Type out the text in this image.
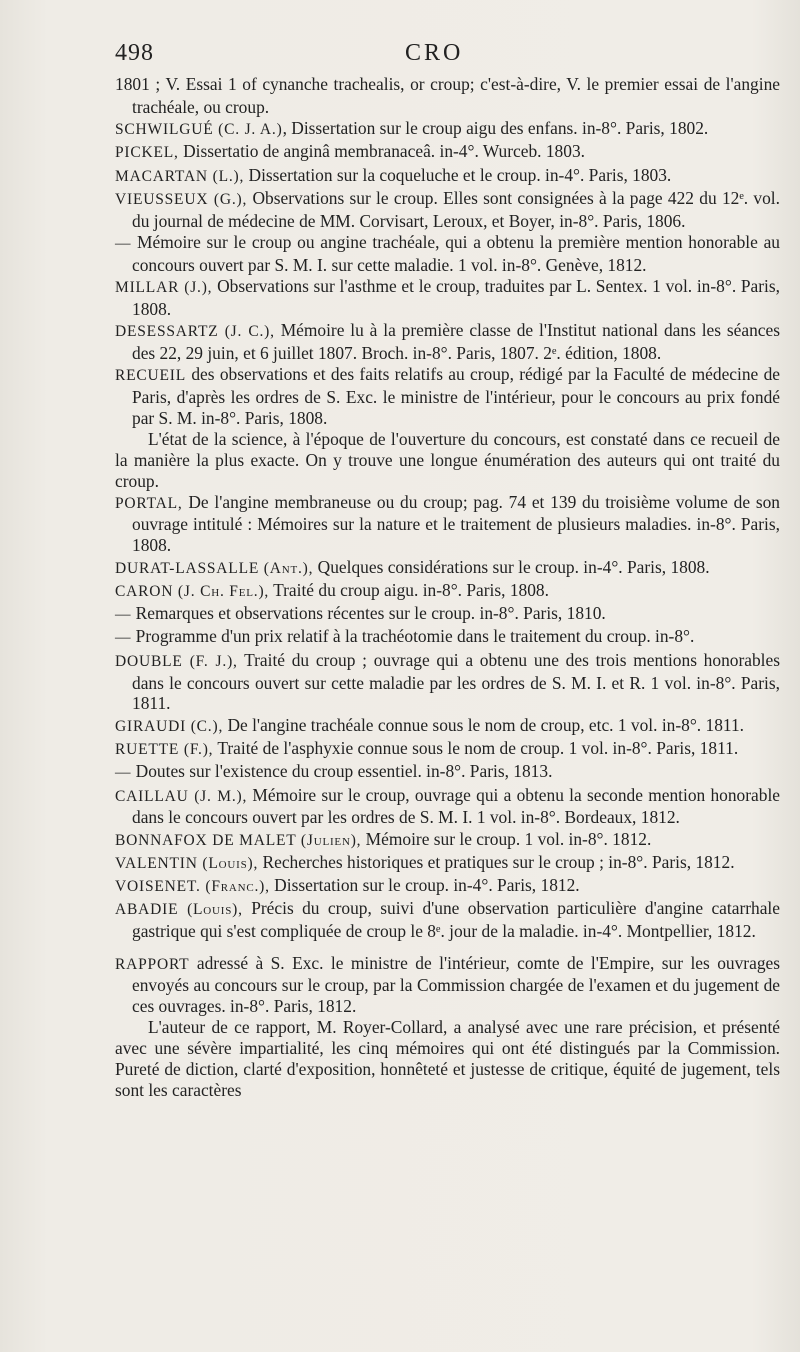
498	CRO
1801 ; V. Essai 1 of cynanche trachealis, or croup; c'est-à-dire, V. le premier essai de l'angine trachéale, ou croup.
SCHWILGUÉ (C. J. A.), Dissertation sur le croup aigu des enfans. in-8°. Paris, 1802.
PICKEL, Dissertatio de anginâ membranaceâ. in-4°. Wurceb. 1803.
MACARTAN (L.), Dissertation sur la coqueluche et le croup. in-4°. Paris, 1803.
VIEUSSEUX (G.), Observations sur le croup. Elles sont consignées à la page 422 du 12ᵉ. vol. du journal de médecine de MM. Corvisart, Leroux, et Boyer, in-8°. Paris, 1806.
— Mémoire sur le croup ou angine trachéale, qui a obtenu la première mention honorable au concours ouvert par S. M. I. sur cette maladie. 1 vol. in-8°. Genève, 1812.
MILLAR (J.), Observations sur l'asthme et le croup, traduites par L. Sentex. 1 vol. in-8°. Paris, 1808.
DESESSARTZ (J. C.), Mémoire lu à la première classe de l'Institut national dans les séances des 22, 29 juin, et 6 juillet 1807. Broch. in-8°. Paris, 1807. 2ᵉ. édition, 1808.
RECUEIL des observations et des faits relatifs au croup, rédigé par la Faculté de médecine de Paris, d'après les ordres de S. Exc. le ministre de l'intérieur, pour le concours au prix fondé par S. M. in-8°. Paris, 1808.

L'état de la science, à l'époque de l'ouverture du concours, est constaté dans ce recueil de la manière la plus exacte. On y trouve une longue énumération des auteurs qui ont traité du croup.

PORTAL, De l'angine membraneuse ou du croup; pag. 74 et 139 du troisième volume de son ouvrage intitulé : Mémoires sur la nature et le traitement de plusieurs maladies. in-8°. Paris, 1808.
DURAT-LASSALLE (Ant.), Quelques considérations sur le croup. in-4°. Paris, 1808.
CARON (J. Ch. Fel.), Traité du croup aigu. in-8°. Paris, 1808.
— Remarques et observations récentes sur le croup. in-8°. Paris, 1810.
— Programme d'un prix relatif à la trachéotomie dans le traitement du croup. in-8°.
DOUBLE (F. J.), Traité du croup ; ouvrage qui a obtenu une des trois mentions honorables dans le concours ouvert sur cette maladie par les ordres de S. M. I. et R. 1 vol. in-8°. Paris, 1811.
GIRAUDI (C.), De l'angine trachéale connue sous le nom de croup, etc. 1 vol. in-8°. 1811.
RUETTE (F.), Traité de l'asphyxie connue sous le nom de croup. 1 vol. in-8°. Paris, 1811.
— Doutes sur l'existence du croup essentiel. in-8°. Paris, 1813.
CAILLAU (J. M.), Mémoire sur le croup, ouvrage qui a obtenu la seconde mention honorable dans le concours ouvert par les ordres de S. M. I. 1 vol. in-8°. Bordeaux, 1812.
BONNAFOX DE MALET (Julien), Mémoire sur le croup. 1 vol. in-8°. 1812.
VALENTIN (Louis), Recherches historiques et pratiques sur le croup ; in-8°. Paris, 1812.
VOISENET. (Franc.), Dissertation sur le croup. in-4°. Paris, 1812.
ABADIE (Louis), Précis du croup, suivi d'une observation particulière d'angine catarrhale gastrique qui s'est compliquée de croup le 8ᵉ. jour de la maladie. in-4°. Montpellier, 1812.
RAPPORT adressé à S. Exc. le ministre de l'intérieur, comte de l'Empire, sur les ouvrages envoyés au concours sur le croup, par la Commission chargée de l'examen et du jugement de ces ouvrages. in-8°. Paris, 1812.

L'auteur de ce rapport, M. Royer-Collard, a analysé avec une rare précision, et présenté avec une sévère impartialité, les cinq mémoires qui ont été distingués par la Commission. Pureté de diction, clarté d'exposition, honnêteté et justesse de critique, équité de jugement, tels sont les caractères
